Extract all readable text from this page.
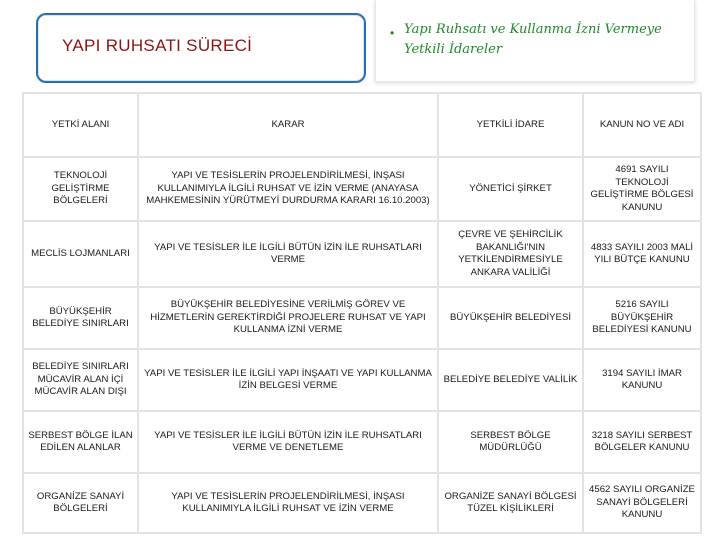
YAPI RUHSATI SÜRECİ
• Yapı Ruhsatı ve Kullanma İzni Vermeye Yetkili İdareler
YETKİ ALANI	KARAR	YETKİLİ İDARE	KANUN NO VE ADI
TEKNOLOJİ GELİŞTİRME BÖLGELERİ	YAPI VE TESİSLERİN PROJELENDİRİLMESİ, İNŞASI KULLANIMIYLA İLGİLİ RUHSAT VE İZİN VERME (ANAYASA MAHKEMESİNİN YÜRÜTMEYİ DURDURMA KARARI 16.10.2003)	YÖNETİCİ ŞİRKET	4691 SAYILI TEKNOLOJİ GELİŞTİRME BÖLGESİ KANUNU
MECLİS LOJMANLARI	YAPI VE TESİSLER İLE İLGİLİ BÜTÜN İZİN İLE RUHSATLARI VERME	ÇEVRE VE ŞEHİRCİLİK BAKANLIĞI'NIN YETKİLENDİRMESİYLE ANKARA VALİLİĞİ	4833 SAYILI 2003 MALİ YILI BÜTÇE KANUNU
BÜYÜKŞEHİR BELEDİYE SINIRLARI	BÜYÜKŞEHİR BELEDİYESİNE VERİLMİŞ GÖREV VE HİZMETLERİN GEREKTİRDİĞİ PROJELERE RUHSAT VE YAPI KULLANMA İZNİ VERME	BÜYÜKŞEHİR BELEDİYESİ	5216 SAYILI BÜYÜKŞEHİR BELEDİYESİ KANUNU
BELEDİYE SINIRLARI MÜCAVİR ALAN İÇİ MÜCAVİR ALAN DIŞI	YAPI VE TESİSLER İLE İLGİLİ YAPI İNŞAATI VE YAPI KULLANMA İZİN BELGESİ VERME	BELEDİYE BELEDİYE VALİLİK	3194 SAYILI İMAR KANUNU
SERBEST BÖLGE İLAN EDİLEN ALANLAR	YAPI VE TESİSLER İLE İLGİLİ BÜTÜN İZİN İLE RUHSATLARI VERME VE DENETLEME	SERBEST BÖLGE MÜDÜRLÜĞÜ	3218 SAYILI SERBEST BÖLGELER KANUNU
ORGANİZE SANAYİ BÖLGELERİ	YAPI VE TESİSLERİN PROJELENDİRİLMESİ, İNŞASI KULLANIMIYLA İLGİLİ RUHSAT VE İZİN VERME	ORGANİZE SANAYİ BÖLGESİ TÜZEL KİŞİLİKLERİ	4562 SAYILI ORGANİZE SANAYİ BÖLGELERİ KANUNU
